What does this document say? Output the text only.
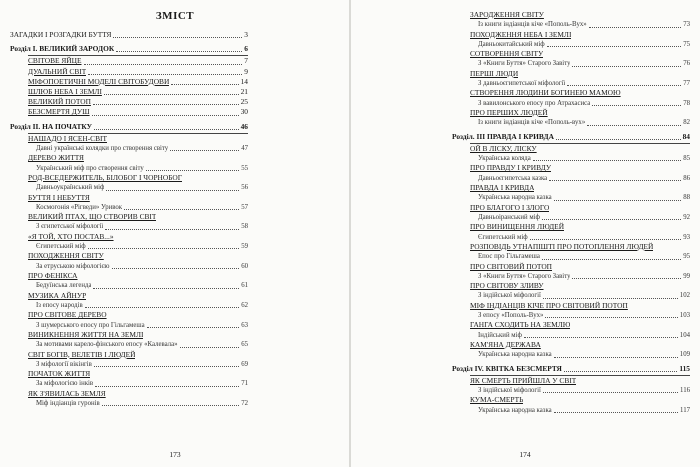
ЗМІСТ
ЗАГАДКИ І РОЗГАДКИ БУТТЯ	3
Розділ І. ВЕЛИКИЙ ЗАРОДОК	6
СВІТОВЕ ЯЙЦЕ	7
ДУАЛЬНИЙ СВІТ	9
МІФОПОЕТИЧНІ МОДЕЛІ СВІТОБУДОВИ	14
ШЛЮБ НЕБА І ЗЕМЛІ	21
ВЕЛИКИЙ ПОТОП	25
БЕЗСМЕРТЯ ДУШ	30
Розділ II. НА ПОЧАТКУ	46
НАШАДО І ЯСЕН-СВІТ
Давні українські колядки про створення світу	47
ДЕРЕВО ЖИТТЯ
Український міф про створення світу	55
РОД-ВСЕДЕРЖИТЕЛЬ, БІЛОБОГ І ЧОРНОБОГ
Давньоукраїнський міф	56
БУТТЯ І НЕБУТТЯ
Космогонія «Рігведи» Уривок	57
ВЕЛИКИЙ ПТАХ, ЩО СТВОРИВ СВІТ
З єгипетської міфології	58
«Я ТОЙ, ХТО ПОСТАВ...»
Єгипетський міф	59
ПОХОДЖЕННЯ СВІТУ
За етруською міфологією	60
ПРО ФЕНІКСА
Бедуїнська легенда	61
МУЗИКА АЙНУР
Із епосу народів	62
ПРО СВІТОВЕ ДЕРЕВО
З шумерського епосу про Гільгамеша	63
ВИНИКНЕННЯ ЖИТТЯ НА ЗЕМЛІ
За мотивами карело-фінського епосу «Калевала»	65
СВІТ БОГІВ, ВЕЛЕТІВ І ЛЮДЕЙ
З міфології вікінгів	69
ПОЧАТОК ЖИТТЯ
За міфологією інків	71
ЯК З'ЯВИЛАСЬ ЗЕМЛЯ
Міф індіанців гуронів	72
173
ЗАРОДЖЕННЯ СВІТУ
Із книги індіанців кіче «Пополь-Вух»	73
ПОХОДЖЕННЯ НЕБА І ЗЕМЛІ
Давньокитайський міф	75
СОТВОРЕННЯ СВІТУ
З «Книги Буття» Старого Завіту	76
ПЕРШІ ЛЮДИ
З давньоєгипетської міфології	77
СТВОРЕННЯ ЛЮДИНИ БОГИНЕЮ МАМОЮ
З вавилонського епосу про Атрахасиса	78
ПРО ПЕРШИХ ЛЮДЕЙ
Із книги індіанців кіче «Пополь-вух»	82
Розділ. III ПРАВДА І КРИВДА	84
ОЙ В ЛІСКУ, ЛІСКУ
Українська коляда	85
ПРО ПРАВДУ І КРИВДУ
Давньоєгипетська казка	86
ПРАВДА І КРИВДА
Українська народна казка	88
ПРО БЛАГОГО І ЗЛОГО
Давньоіранський міф	92
ПРО ВИНИЩЕННЯ ЛЮДЕЙ
Єгипетський міф	93
РОЗПОВІДЬ УТНАПІШТІ ПРО ПОТОПЛЕННЯ ЛЮДЕЙ
Епос про Гільгамеша	95
ПРО СВІТОВИЙ ПОТОП
З «Книги Буття» Старого Завіту	99
ПРО СВІТОВУ ЗЛИВУ
З індійської міфології	102
МІФ ІНДІАНЦІВ КІЧЕ ПРО СВІТОВИЙ ПОТОП
З епосу «Пополь-Вух»	103
ГАНГА СХОДИТЬ НА ЗЕМЛЮ
Індійський міф	104
КАМ'ЯНА ДЕРЖАВА
Українська народна казка	109
Розділ IV. КВІТКА БЕЗСМЕРТЯ	115
ЯК СМЕРТЬ ПРИЙШЛА У СВІТ
З індійської міфології	116
КУМА-СМЕРТЬ
Українська народна казка	117
174
